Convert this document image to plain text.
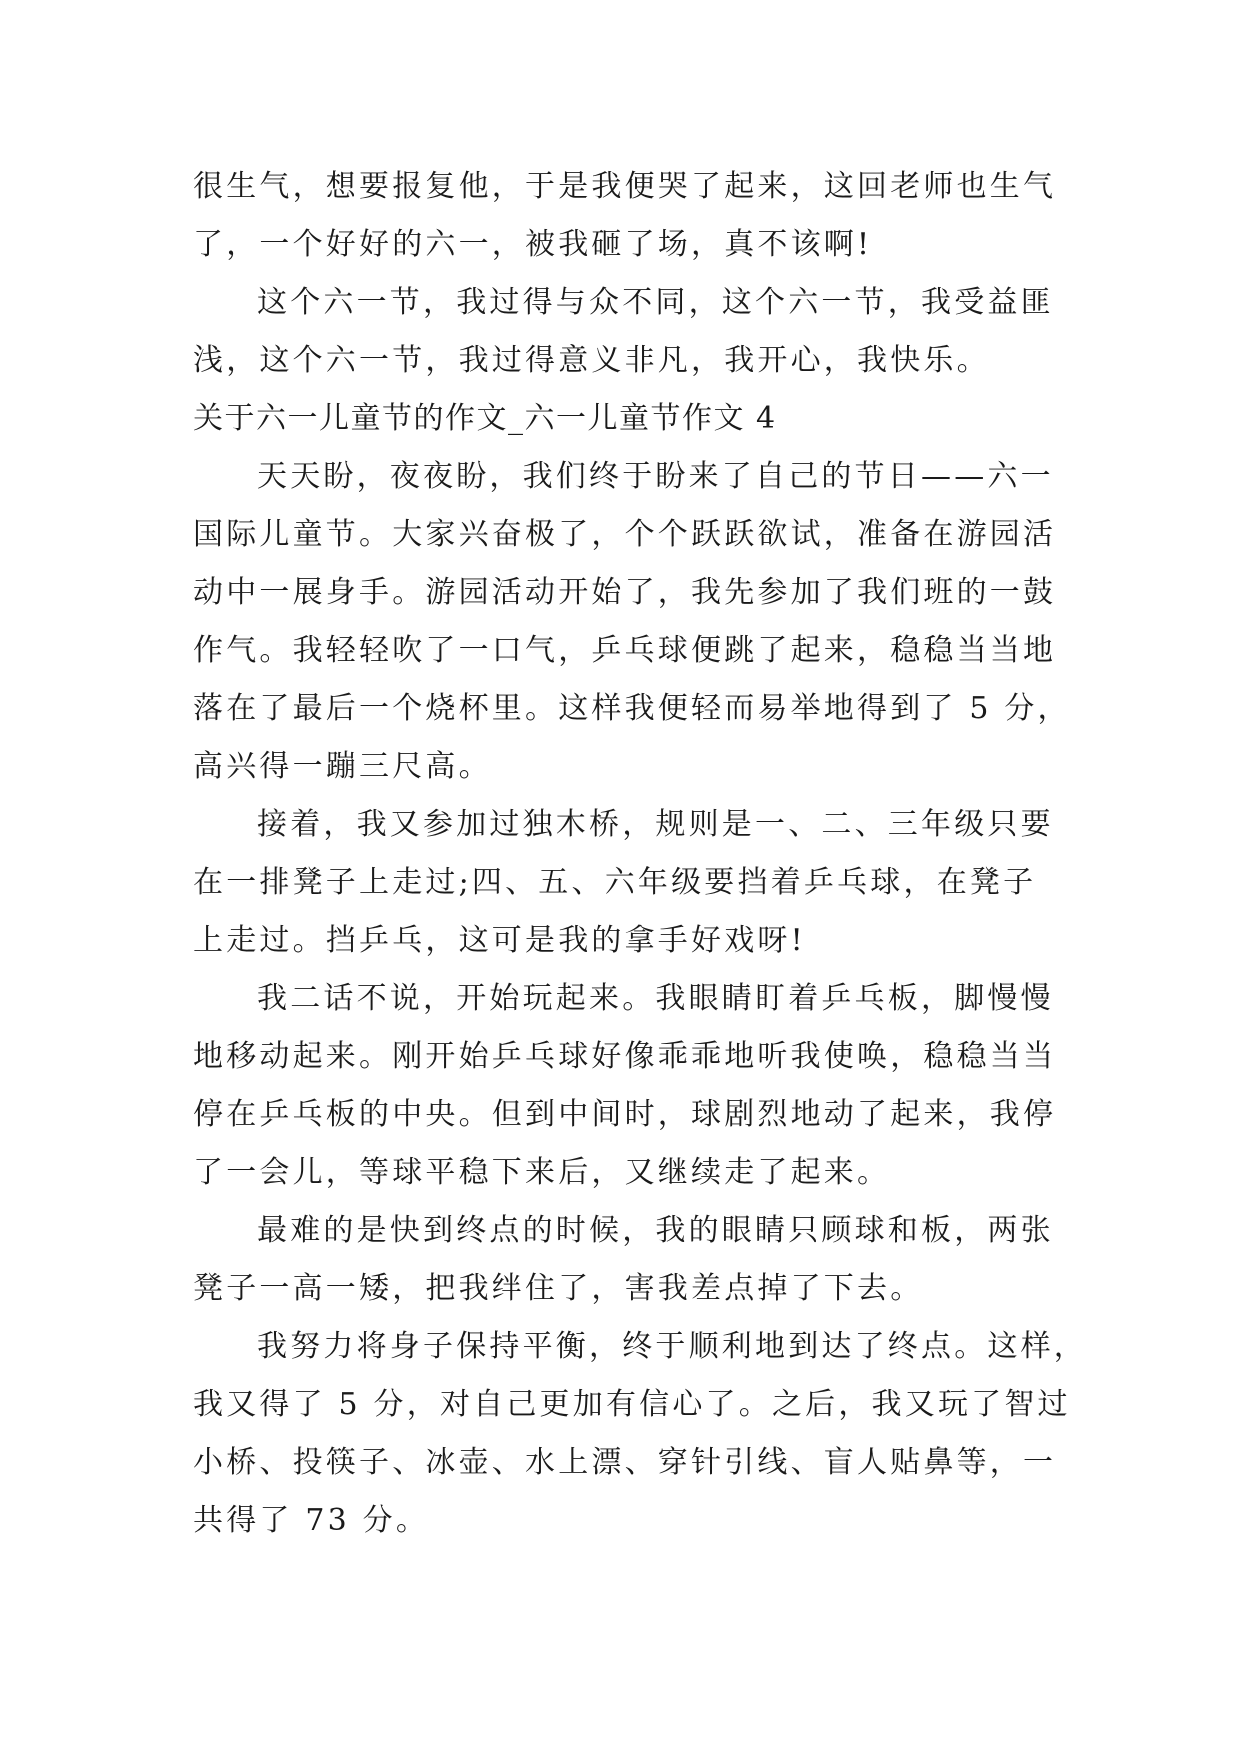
很生气，想要报复他，于是我便哭了起来，这回老师也生气
了，一个好好的六一，被我砸了场，真不该啊!
这个六一节，我过得与众不同，这个六一节，我受益匪
浅，这个六一节，我过得意义非凡，我开心，我快乐。
关于六一儿童节的作文_六一儿童节作文 4
天天盼，夜夜盼，我们终于盼来了自己的节日——六一
国际儿童节。大家兴奋极了，个个跃跃欲试，准备在游园活
动中一展身手。游园活动开始了，我先参加了我们班的一鼓
作气。我轻轻吹了一口气，乒乓球便跳了起来，稳稳当当地
落在了最后一个烧杯里。这样我便轻而易举地得到了 5 分，
高兴得一蹦三尺高。
接着，我又参加过独木桥，规则是一、二、三年级只要
在一排凳子上走过;四、五、六年级要挡着乒乓球，在凳子
上走过。挡乒乓，这可是我的拿手好戏呀!
我二话不说，开始玩起来。我眼睛盯着乒乓板，脚慢慢
地移动起来。刚开始乒乓球好像乖乖地听我使唤，稳稳当当
停在乒乓板的中央。但到中间时，球剧烈地动了起来，我停
了一会儿，等球平稳下来后，又继续走了起来。
最难的是快到终点的时候，我的眼睛只顾球和板，两张
凳子一高一矮，把我绊住了，害我差点掉了下去。
我努力将身子保持平衡，终于顺利地到达了终点。这样，
我又得了 5 分，对自己更加有信心了。之后，我又玩了智过
小桥、投筷子、冰壶、水上漂、穿针引线、盲人贴鼻等，一
共得了 73 分。
